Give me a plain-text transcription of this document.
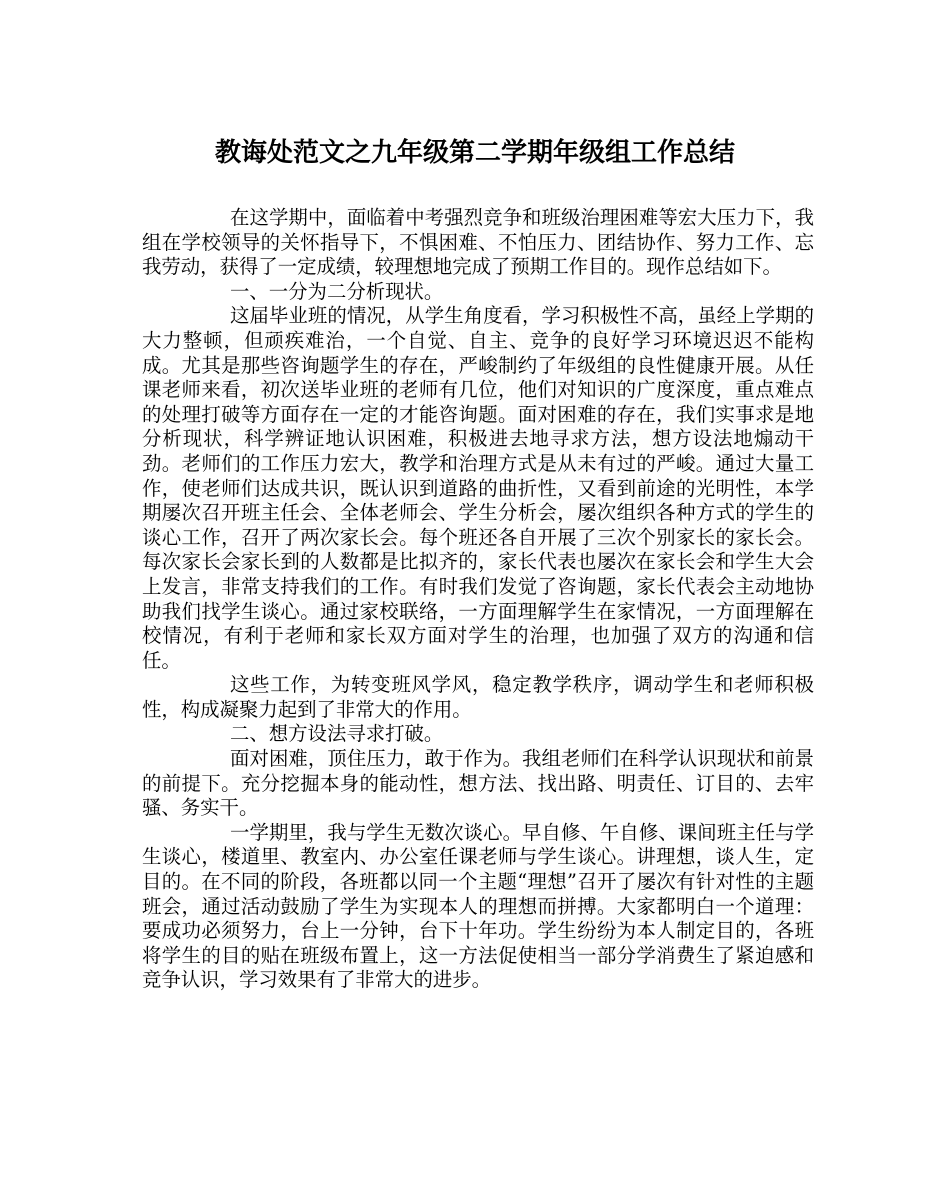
教诲处范文之九年级第二学期年级组工作总结

在这学期中，面临着中考强烈竞争和班级治理困难等宏大压力下，我组在学校领导的关怀指导下，不惧困难、不怕压力、团结协作、努力工作、忘我劳动，获得了一定成绩，较理想地完成了预期工作目的。现作总结如下。

一、一分为二分析现状。

这届毕业班的情况，从学生角度看，学习积极性不高，虽经上学期的大力整顿，但顽疾难治，一个自觉、自主、竞争的良好学习环境迟迟不能构成。尤其是那些咨询题学生的存在，严峻制约了年级组的良性健康开展。从任课老师来看，初次送毕业班的老师有几位，他们对知识的广度深度，重点难点的处理打破等方面存在一定的才能咨询题。面对困难的存在，我们实事求是地分析现状，科学辨证地认识困难，积极进去地寻求方法，想方设法地煽动干劲。老师们的工作压力宏大，教学和治理方式是从未有过的严峻。通过大量工作，使老师们达成共识，既认识到道路的曲折性，又看到前途的光明性，本学期屡次召开班主任会、全体老师会、学生分析会，屡次组织各种方式的学生的谈心工作，召开了两次家长会。每个班还各自开展了三次个别家长的家长会。每次家长会家长到的人数都是比拟齐的，家长代表也屡次在家长会和学生大会上发言，非常支持我们的工作。有时我们发觉了咨询题，家长代表会主动地协助我们找学生谈心。通过家校联络，一方面理解学生在家情况，一方面理解在校情况，有利于老师和家长双方面对学生的治理，也加强了双方的沟通和信任。

这些工作，为转变班风学风，稳定教学秩序，调动学生和老师积极性，构成凝聚力起到了非常大的作用。

二、想方设法寻求打破。

面对困难，顶住压力，敢于作为。我组老师们在科学认识现状和前景的前提下。充分挖掘本身的能动性，想方法、找出路、明责任、订目的、去牢骚、务实干。

一学期里，我与学生无数次谈心。早自修、午自修、课间班主任与学生谈心，楼道里、教室内、办公室任课老师与学生谈心。讲理想，谈人生，定目的。在不同的阶段，各班都以同一个主题“理想”召开了屡次有针对性的主题班会，通过活动鼓励了学生为实现本人的理想而拼搏。大家都明白一个道理：要成功必须努力，台上一分钟，台下十年功。学生纷纷为本人制定目的，各班将学生的目的贴在班级布置上，这一方法促使相当一部分学消费生了紧迫感和竞争认识，学习效果有了非常大的进步。
